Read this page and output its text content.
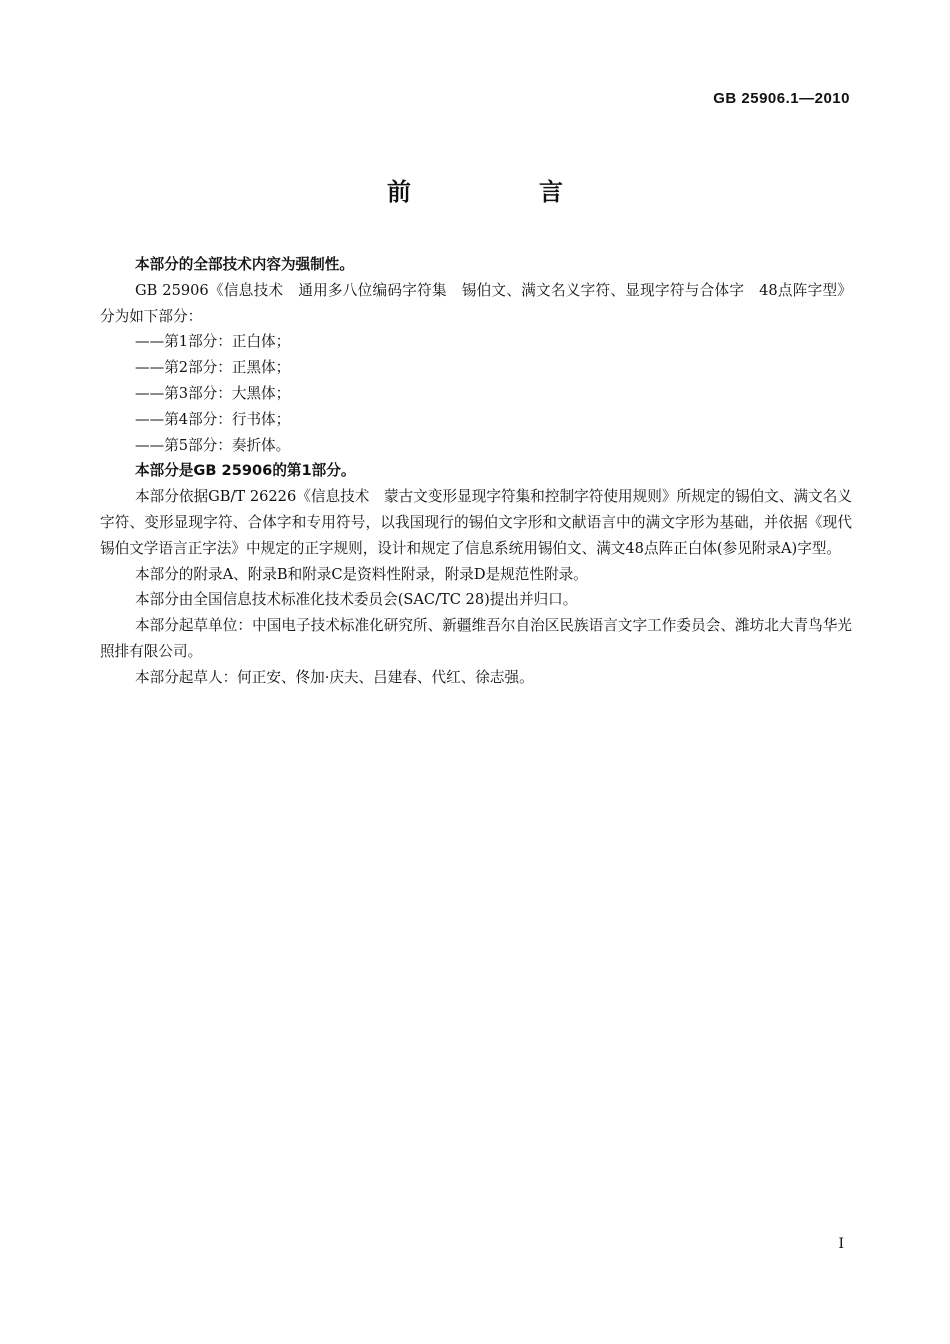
GB 25906.1—2010
前　言

本部分的全部技术内容为强制性。

GB 25906《信息技术　通用多八位编码字符集　锡伯文、满文名义字符、显现字符与合体字　48点阵字型》分为如下部分：

——第1部分：正白体；

——第2部分：正黑体；

——第3部分：大黑体；

——第4部分：行书体；

——第5部分：奏折体。

本部分是GB 25906的第1部分。

本部分依据GB/T 26226《信息技术　蒙古文变形显现字符集和控制字符使用规则》所规定的锡伯文、满文名义字符、变形显现字符、合体字和专用符号，以我国现行的锡伯文字形和文献语言中的满文字形为基础，并依据《现代锡伯文学语言正字法》中规定的正字规则，设计和规定了信息系统用锡伯文、满文48点阵正白体(参见附录A)字型。

本部分的附录A、附录B和附录C是资料性附录，附录D是规范性附录。

本部分由全国信息技术标准化技术委员会(SAC/TC 28)提出并归口。

本部分起草单位：中国电子技术标准化研究所、新疆维吾尔自治区民族语言文字工作委员会、潍坊北大青鸟华光照排有限公司。

本部分起草人：何正安、佟加·庆夫、吕建春、代红、徐志强。

I
